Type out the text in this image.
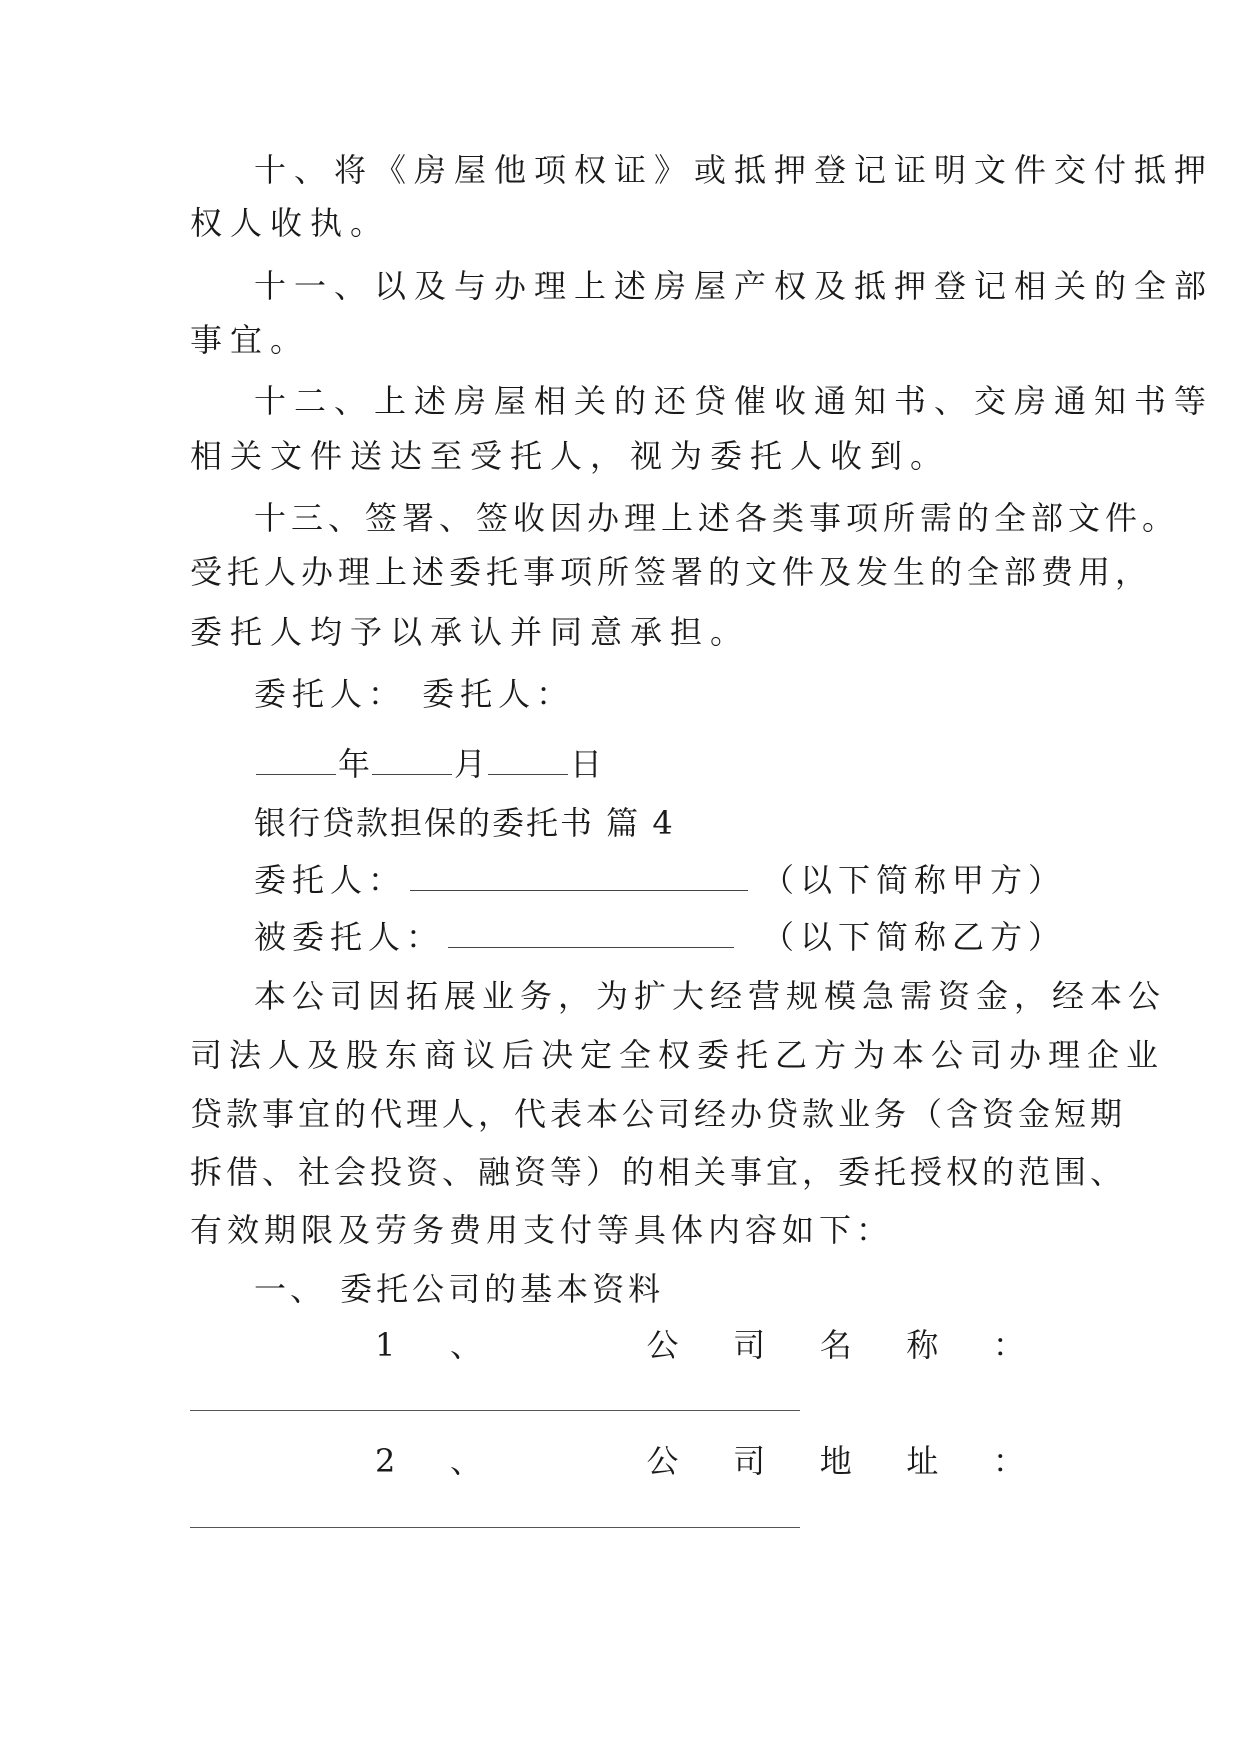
十、将《房屋他项权证》或抵押登记证明文件交付抵押
权人收执。
十一、以及与办理上述房屋产权及抵押登记相关的全部
事宜。
十二、上述房屋相关的还贷催收通知书、交房通知书等
相关文件送达至受托人，视为委托人收到。
十三、签署、签收因办理上述各类事项所需的全部文件。
受托人办理上述委托事项所签署的文件及发生的全部费用，
委托人均予以承认并同意承担。
委托人： 委托人：
年	月	日
银行贷款担保的委托书 篇 4
委托人：	（以下简称甲方）
被委托人：	（以下简称乙方）
本公司因拓展业务，为扩大经营规模急需资金，经本公
司法人及股东商议后决定全权委托乙方为本公司办理企业
贷款事宜的代理人，代表本公司经办贷款业务（含资金短期
拆借、社会投资、融资等）的相关事宜，委托授权的范围、
有效期限及劳务费用支付等具体内容如下：
一、 委托公司的基本资料
1 、	公 司 名 称 ：
2 、	公 司 地 址 ：
